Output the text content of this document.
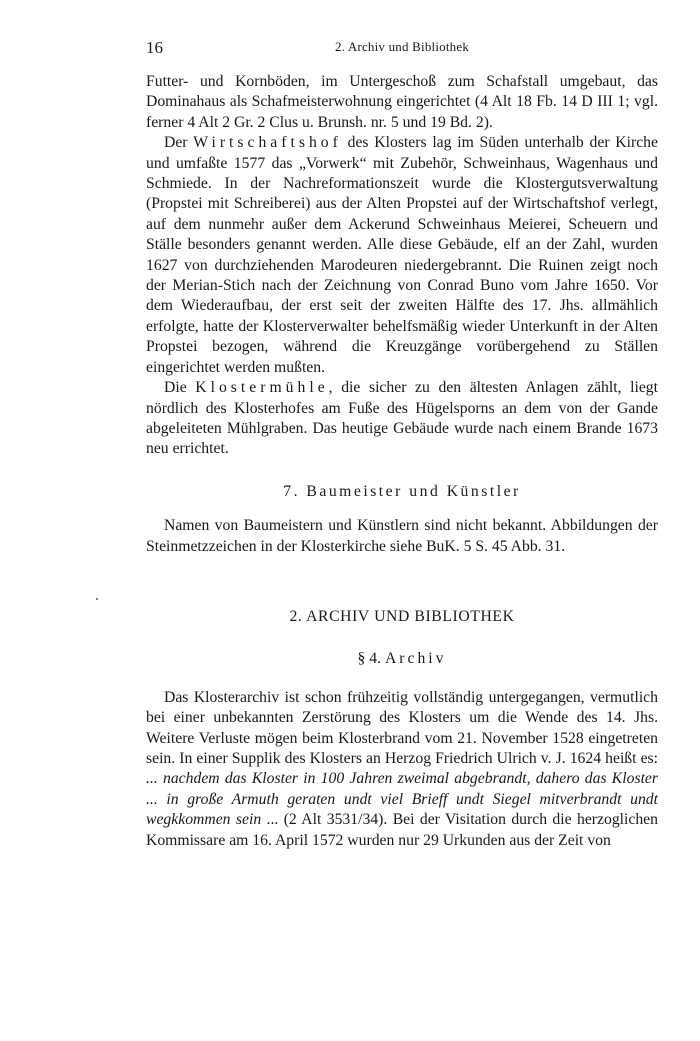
16	2. Archiv und Bibliothek

Futter- und Kornböden, im Untergeschoß zum Schafstall umgebaut, das Dominahaus als Schafmeisterwohnung eingerichtet (4 Alt 18 Fb. 14 D III 1; vgl. ferner 4 Alt 2 Gr. 2 Clus u. Brunsh. nr. 5 und 19 Bd. 2).

Der Wirtschaftshof des Klosters lag im Süden unterhalb der Kirche und umfaßte 1577 das „Vorwerk“ mit Zubehör, Schweinhaus, Wagenhaus und Schmiede. In der Nachreformationszeit wurde die Klostergutsverwaltung (Propstei mit Schreiberei) aus der Alten Propstei auf der Wirtschaftshof verlegt, auf dem nunmehr außer dem Ackerund Schweinhaus Meierei, Scheuern und Ställe besonders genannt werden. Alle diese Gebäude, elf an der Zahl, wurden 1627 von durchziehenden Marodeuren niedergebrannt. Die Ruinen zeigt noch der Merian-Stich nach der Zeichnung von Conrad Buno vom Jahre 1650. Vor dem Wiederaufbau, der erst seit der zweiten Hälfte des 17. Jhs. allmählich erfolgte, hatte der Klosterverwalter behelfsmäßig wieder Unterkunft in der Alten Propstei bezogen, während die Kreuzgänge vorübergehend zu Ställen eingerichtet werden mußten.

Die Klostermühle, die sicher zu den ältesten Anlagen zählt, liegt nördlich des Klosterhofes am Fuße des Hügelsporns an dem von der Gande abgeleiteten Mühlgraben. Das heutige Gebäude wurde nach einem Brande 1673 neu errichtet.

7. Baumeister und Künstler

Namen von Baumeistern und Künstlern sind nicht bekannt. Abbildungen der Steinmetzzeichen in der Klosterkirche siehe BuK. 5 S. 45 Abb. 31.

2. ARCHIV UND BIBLIOTHEK
§ 4. Archiv

Das Klosterarchiv ist schon frühzeitig vollständig untergegangen, vermutlich bei einer unbekannten Zerstörung des Klosters um die Wende des 14. Jhs. Weitere Verluste mögen beim Klosterbrand vom 21. November 1528 eingetreten sein. In einer Supplik des Klosters an Herzog Friedrich Ulrich v. J. 1624 heißt es: ... nachdem das Kloster in 100 Jahren zweimal abgebrandt, dahero das Kloster ... in große Armuth geraten undt viel Brieff undt Siegel mitverbrandt undt wegkkommen sein ... (2 Alt 3531/34). Bei der Visitation durch die herzoglichen Kommissare am 16. April 1572 wurden nur 29 Urkunden aus der Zeit von
